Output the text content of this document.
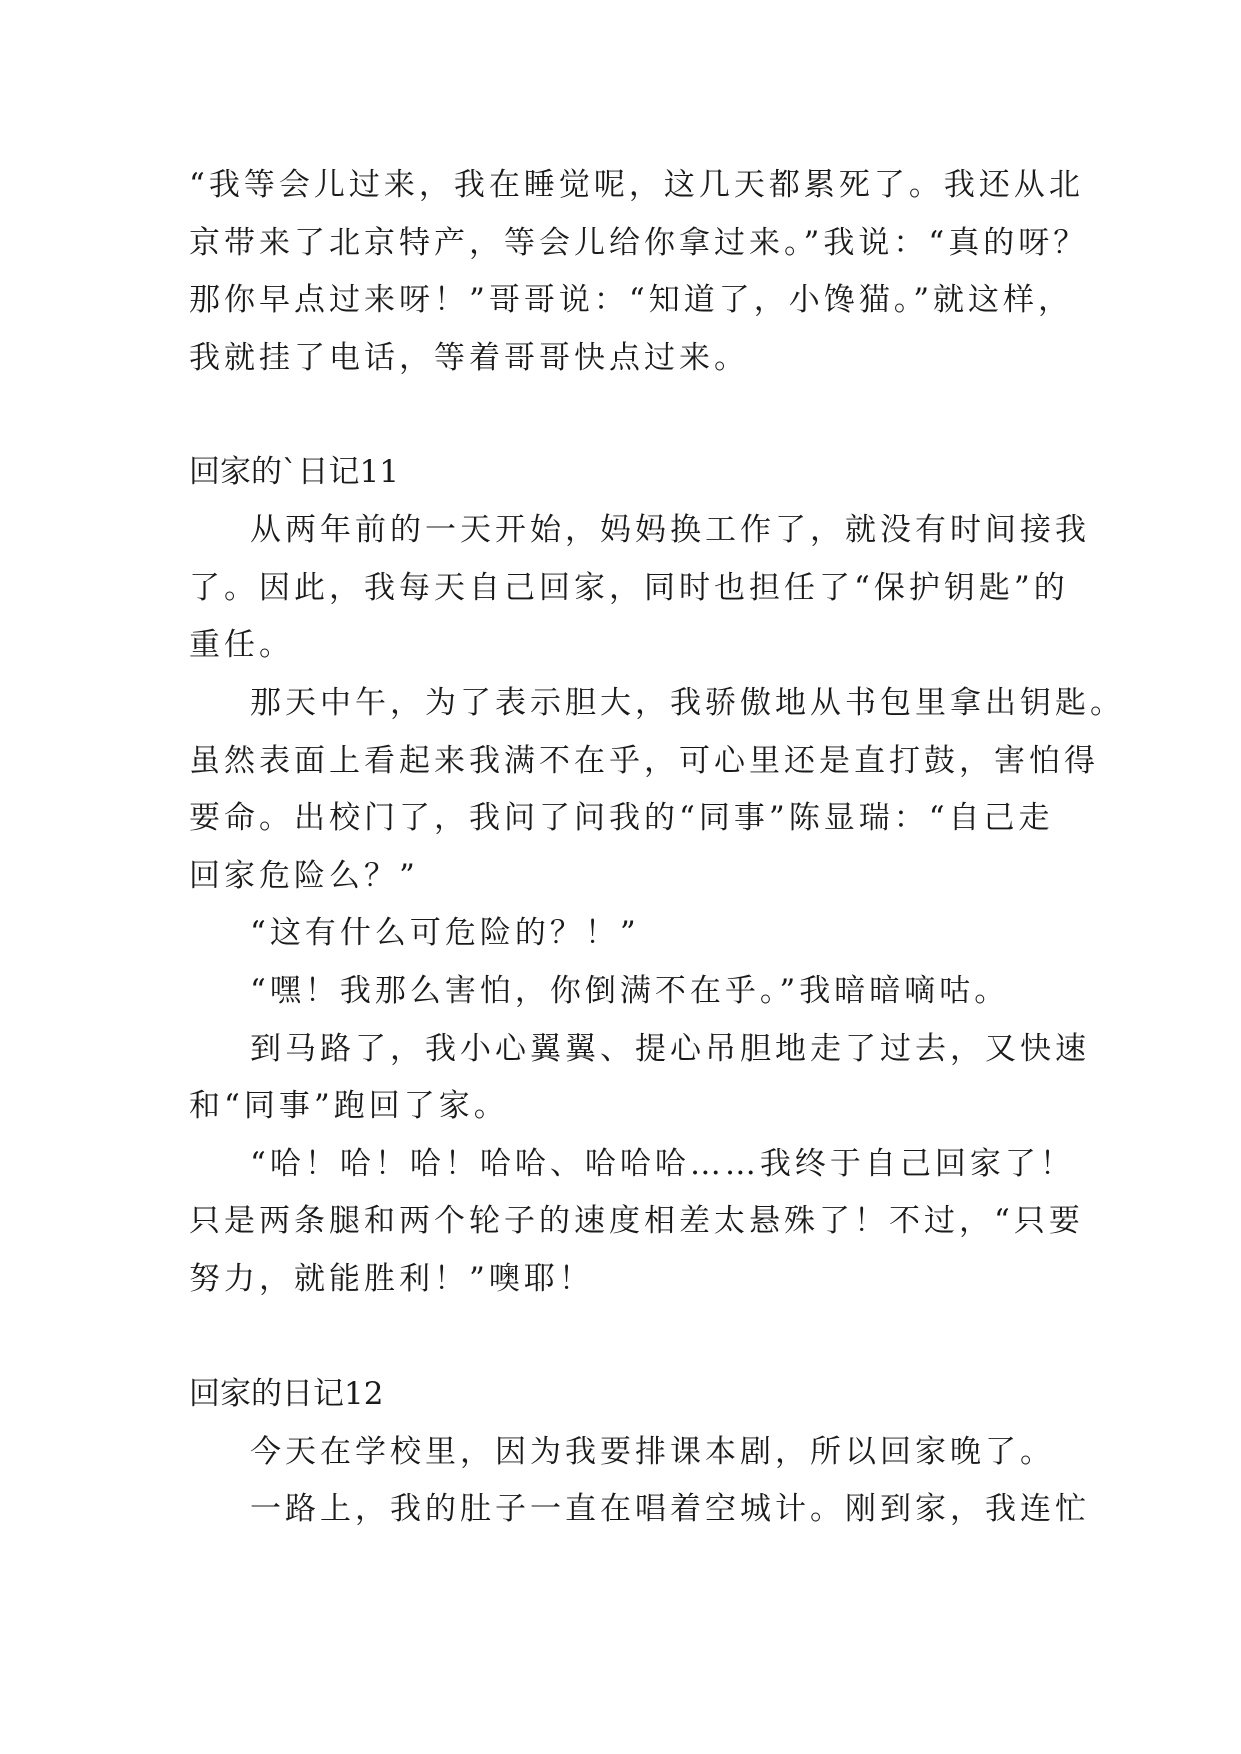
“我等会儿过来，我在睡觉呢，这几天都累死了。我还从北
京带来了北京特产，等会儿给你拿过来。”我说：“真的呀？
那你早点过来呀！”哥哥说：“知道了，小馋猫。”就这样，
我就挂了电话，等着哥哥快点过来。
回家的`日记11
从两年前的一天开始，妈妈换工作了，就没有时间接我
了。因此，我每天自己回家，同时也担任了“保护钥匙”的
重任。
那天中午，为了表示胆大，我骄傲地从书包里拿出钥匙。
虽然表面上看起来我满不在乎，可心里还是直打鼓，害怕得
要命。出校门了，我问了问我的“同事”陈显瑞：“自己走
回家危险么？”
“这有什么可危险的？！”
“嘿！我那么害怕，你倒满不在乎。”我暗暗嘀咕。
到马路了，我小心翼翼、提心吊胆地走了过去，又快速
和“同事”跑回了家。
“哈！哈！哈！哈哈、哈哈哈……我终于自己回家了！
只是两条腿和两个轮子的速度相差太悬殊了！不过，“只要
努力，就能胜利！”噢耶！
回家的日记12
今天在学校里，因为我要排课本剧，所以回家晚了。
一路上，我的肚子一直在唱着空城计。刚到家，我连忙
